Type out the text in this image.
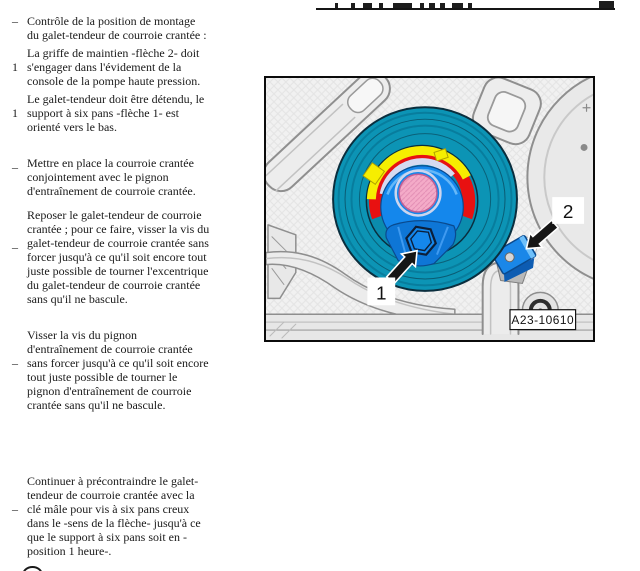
– Contrôle de la position de montage
du galet-tendeur de courroie crantée :
La griffe de maintien -flèche 2- doit
1 s'engager dans l'évidement de la
console de la pompe haute pression.
Le galet-tendeur doit être détendu, le
1 support à six pans -flèche 1- est
orienté vers le bas.
_ Mettre en place la courroie crantée
conjointement avec le pignon
d'entraînement de courroie crantée.
Reposer le galet-tendeur de courroie
crantée ; pour ce faire, visser la vis du
_ galet-tendeur de courroie crantée sans
forcer jusqu'à ce qu'il soit encore tout
juste possible de tourner l'excentrique
du galet-tendeur de courroie crantée
sans qu'il ne bascule.
Visser la vis du pignon
d'entraînement de courroie crantée
– sans forcer jusqu'à ce qu'il soit encore
tout juste possible de tourner le
pignon d'entraînement de courroie
crantée sans qu'il ne bascule.
Continuer à précontraindre le galet-
tendeur de courroie crantée avec la
– clé mâle pour vis à six pans creux
dans le -sens de la flèche- jusqu'à ce
que le support à six pans soit en -
position 1 heure-.
1
2
A23-10610
